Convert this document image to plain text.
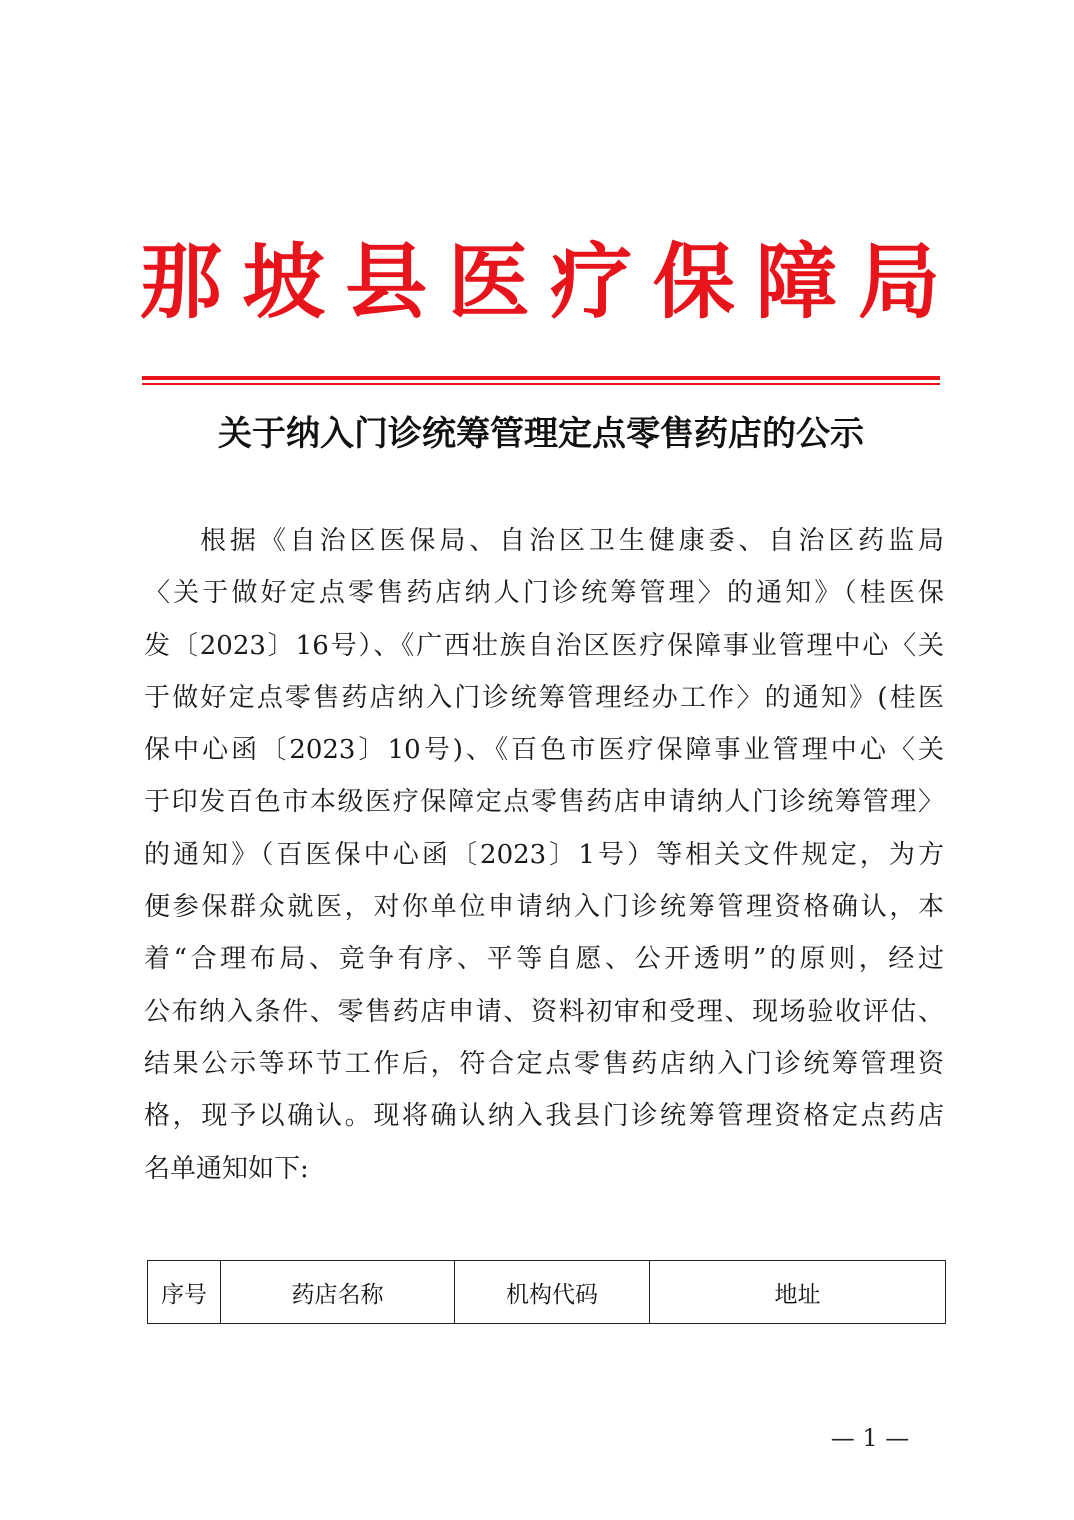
那 坡 县 医 疗 保 障 局
关于纳入门诊统筹管理定点零售药店的公示
根据《自治区医保局、自治区卫生健康委、自治区药监局
〈关于做好定点零售药店纳人门诊统筹管理〉的通知》（桂医保
发〔2023〕16号）、《广西壮族自治区医疗保障事业管理中心〈关
于做好定点零售药店纳入门诊统筹管理经办工作〉的通知》(桂医
保中心函〔2023〕10号)、《百色市医疗保障事业管理中心〈关
于印发百色市本级医疗保障定点零售药店申请纳人门诊统筹管理〉
的通知》（百医保中心函〔2023〕1号）等相关文件规定，为方
便参保群众就医，对你单位申请纳入门诊统筹管理资格确认，本
着“合理布局、竞争有序、平等自愿、公开透明”的原则，经过
公布纳入条件、零售药店申请、资料初审和受理、现场验收评估、
结果公示等环节工作后，符合定点零售药店纳入门诊统筹管理资
格，现予以确认。现将确认纳入我县门诊统筹管理资格定点药店
名单通知如下:
序号	药店名称	机构代码	地址
— 1 —
